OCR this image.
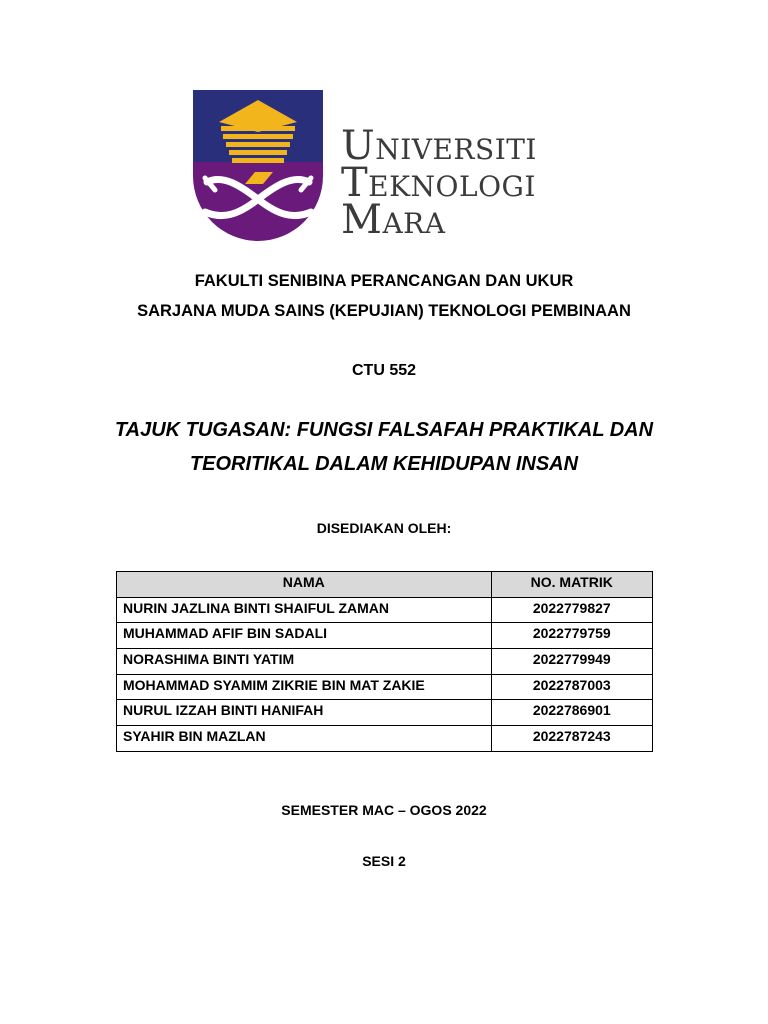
Universiti
Teknologi
Mara
FAKULTI SENIBINA PERANCANGAN DAN UKUR
SARJANA MUDA SAINS (KEPUJIAN) TEKNOLOGI PEMBINAAN
CTU 552
TAJUK TUGASAN: FUNGSI FALSAFAH PRAKTIKAL DAN
TEORITIKAL DALAM KEHIDUPAN INSAN
DISEDIAKAN OLEH:
NAMA	NO. MATRIK
NURIN JAZLINA BINTI SHAIFUL ZAMAN	2022779827
MUHAMMAD AFIF BIN SADALI	2022779759
NORASHIMA BINTI YATIM	2022779949
MOHAMMAD SYAMIM ZIKRIE BIN MAT ZAKIE	2022787003
NURUL IZZAH BINTI HANIFAH	2022786901
SYAHIR BIN MAZLAN	2022787243
SEMESTER MAC – OGOS 2022
SESI 2
